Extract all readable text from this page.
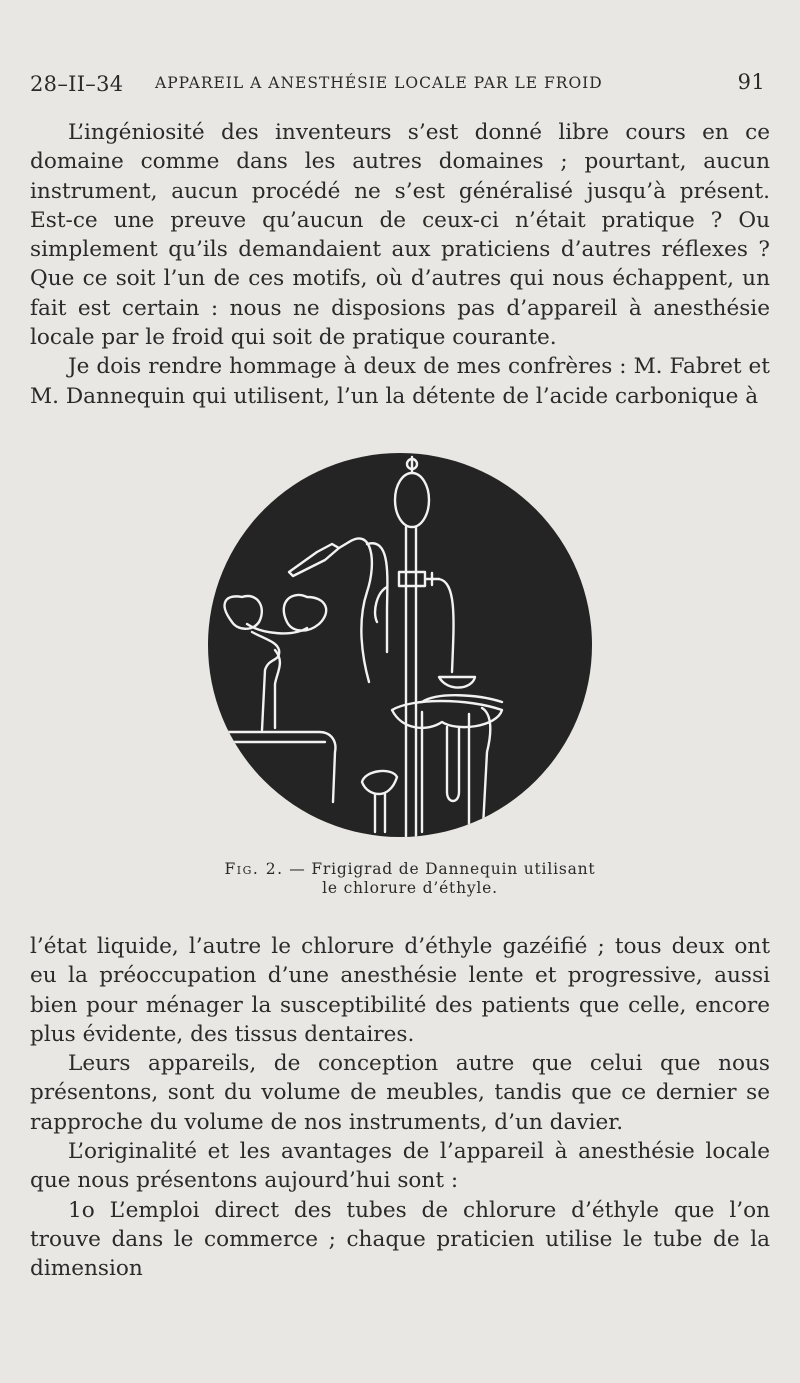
28–II–34 APPAREIL A ANESTHÉSIE LOCALE PAR LE FROID	91

L’ingéniosité des inventeurs s’est donné libre cours en ce domaine comme dans les autres domaines ; pourtant, aucun instrument, aucun procédé ne s’est généralisé jusqu’à présent. Est-ce une preuve qu’aucun de ceux-ci n’était pratique ? Ou simplement qu’ils demandaient aux praticiens d’autres réflexes ? Que ce soit l’un de ces motifs, où d’autres qui nous échappent, un fait est certain : nous ne disposions pas d’appareil à anesthésie locale par le froid qui soit de pratique courante.

Je dois rendre hommage à deux de mes confrères : M. Fabret et M. Dannequin qui utilisent, l’un la détente de l’acide carbonique à

Fig. 2. — Frigigrad de Dannequin utilisant
le chlorure d’éthyle.

l’état liquide, l’autre le chlorure d’éthyle gazéifié ; tous deux ont eu la préoccupation d’une anesthésie lente et progressive, aussi bien pour ménager la susceptibilité des patients que celle, encore plus évidente, des tissus dentaires.

Leurs appareils, de conception autre que celui que nous présentons, sont du volume de meubles, tandis que ce dernier se rapproche du volume de nos instruments, d’un davier.

L’originalité et les avantages de l’appareil à anesthésie locale que nous présentons aujourd’hui sont :

1o L’emploi direct des tubes de chlorure d’éthyle que l’on trouve dans le commerce ; chaque praticien utilise le tube de la dimension
